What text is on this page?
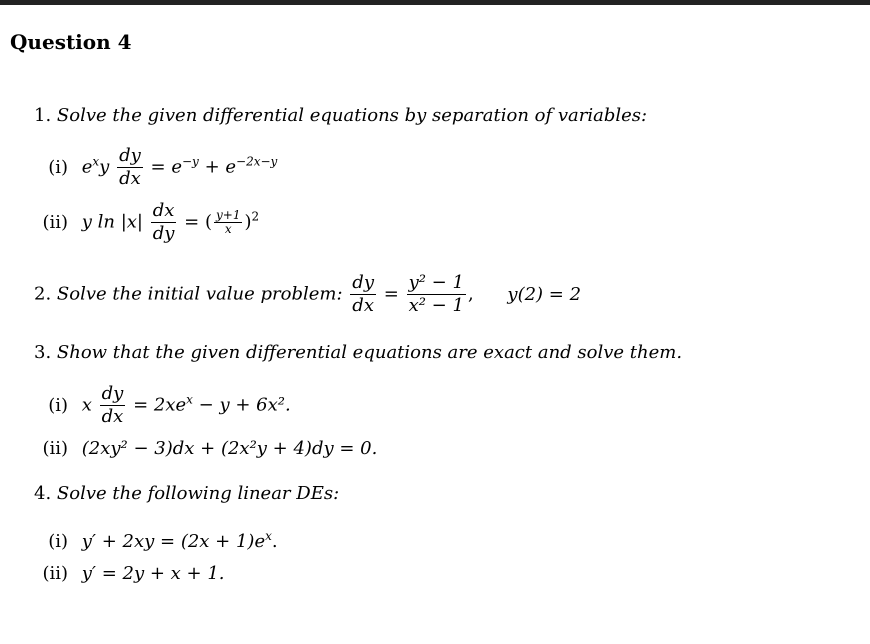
Question 4
1. Solve the given differential equations by separation of variables:
(i) $e^xy \frac{dy}{dx} = e^{-y} + e^{-2x-y}$
(ii) y $\ln |x| \frac{dx}{dy}$ = ( $\frac{y+1}{x} )^2$
2. Solve the initial value problem: $\frac{dy}{dx} = \frac{\text{y² − 1}}{\text{x² − 1}}$ , y(2) = 2
3. Show that the given differential equations are exact and solve them.
(i) x $\frac{dy}{dx} = 2xe^x - y + 6x^2$.
(ii) (2xy² − 3)dx + (2x²y + 4)dy = 0.
4. Solve the following linear DEs:
(i) $y' + 2xy = (2x + 1)e^x$.
(ii) y′ = 2y + x + 1.
